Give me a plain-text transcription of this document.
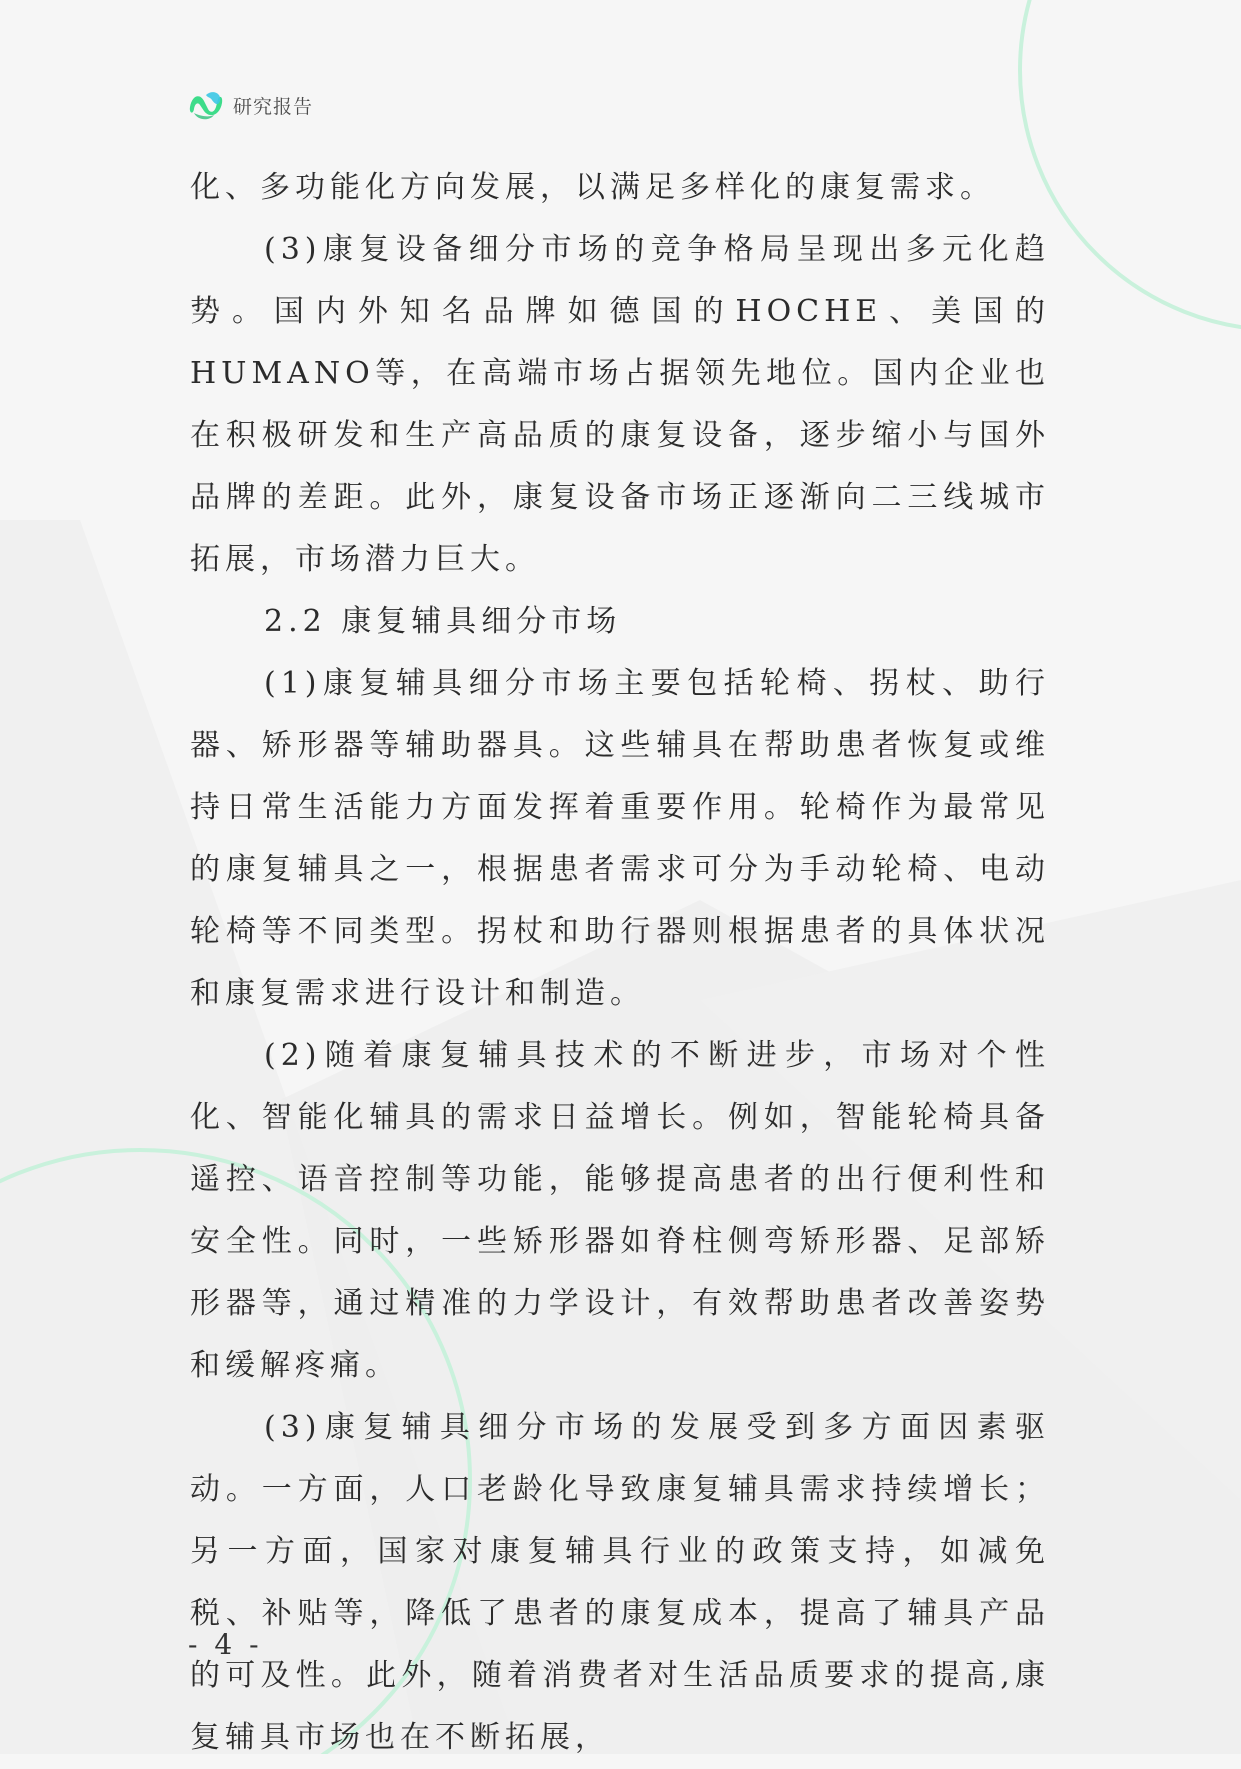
研究报告

化、多功能化方向发展，以满足多样化的康复需求。

(3)康复设备细分市场的竞争格局呈现出多元化趋势。国内外知名品牌如德国的HOCHE、美国的HUMANO等，在高端市场占据领先地位。国内企业也在积极研发和生产高品质的康复设备，逐步缩小与国外品牌的差距。此外，康复设备市场正逐渐向二三线城市拓展，市场潜力巨大。

2.2 康复辅具细分市场

(1)康复辅具细分市场主要包括轮椅、拐杖、助行器、矫形器等辅助器具。这些辅具在帮助患者恢复或维持日常生活能力方面发挥着重要作用。轮椅作为最常见的康复辅具之一，根据患者需求可分为手动轮椅、电动轮椅等不同类型。拐杖和助行器则根据患者的具体状况和康复需求进行设计和制造。

(2)随着康复辅具技术的不断进步，市场对个性化、智能化辅具的需求日益增长。例如，智能轮椅具备遥控、语音控制等功能，能够提高患者的出行便利性和安全性。同时，一些矫形器如脊柱侧弯矫形器、足部矫形器等，通过精准的力学设计，有效帮助患者改善姿势和缓解疼痛。

(3)康复辅具细分市场的发展受到多方面因素驱动。一方面，人口老龄化导致康复辅具需求持续增长；另一方面，国家对康复辅具行业的政策支持，如减免税、补贴等，降低了患者的康复成本，提高了辅具产品的可及性。此外，随着消费者对生活品质要求的提高,康复辅具市场也在不断拓展，

- 4 -
